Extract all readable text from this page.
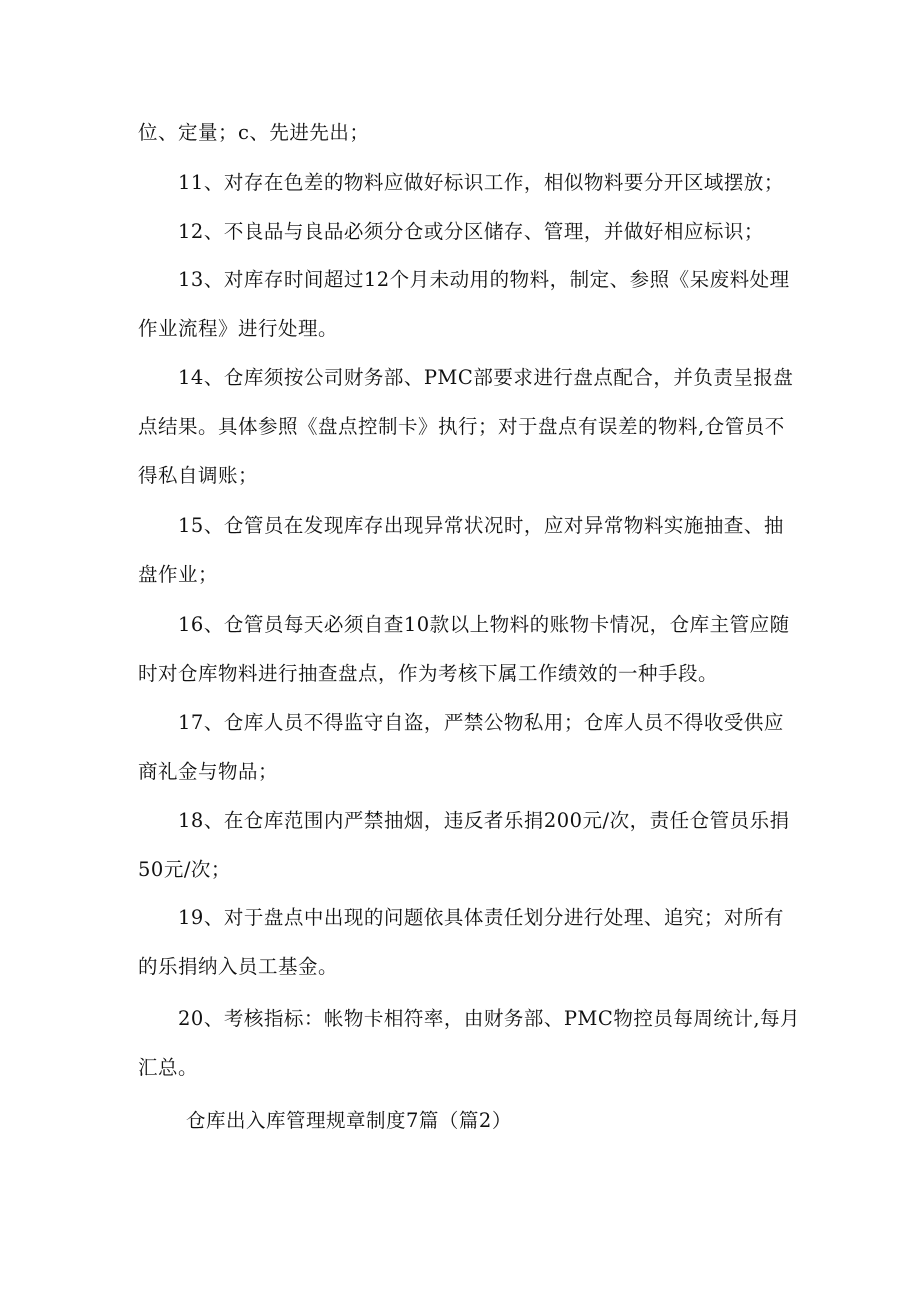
位、定量；c、先进先出；

　　11、对存在色差的物料应做好标识工作，相似物料要分开区域摆放；

　　12、不良品与良品必须分仓或分区储存、管理，并做好相应标识；

　　13、对库存时间超过12个月未动用的物料，制定、参照《呆废料处理
作业流程》进行处理。

　　14、仓库须按公司财务部、PMC部要求进行盘点配合，并负责呈报盘
点结果。具体参照《盘点控制卡》执行；对于盘点有误差的物料,仓管员不
得私自调账；

　　15、仓管员在发现库存出现异常状况时，应对异常物料实施抽查、抽
盘作业；

　　16、仓管员每天必须自查10款以上物料的账物卡情况，仓库主管应随
时对仓库物料进行抽查盘点，作为考核下属工作绩效的一种手段。

　　17、仓库人员不得监守自盗，严禁公物私用；仓库人员不得收受供应
商礼金与物品；

　　18、在仓库范围内严禁抽烟，违反者乐捐200元/次，责任仓管员乐捐
50元/次；

　　19、对于盘点中出现的问题依具体责任划分进行处理、追究；对所有
的乐捐纳入员工基金。

　　20、考核指标：帐物卡相符率，由财务部、PMC物控员每周统计,每月
汇总。

仓库出入库管理规章制度7篇（篇2）
